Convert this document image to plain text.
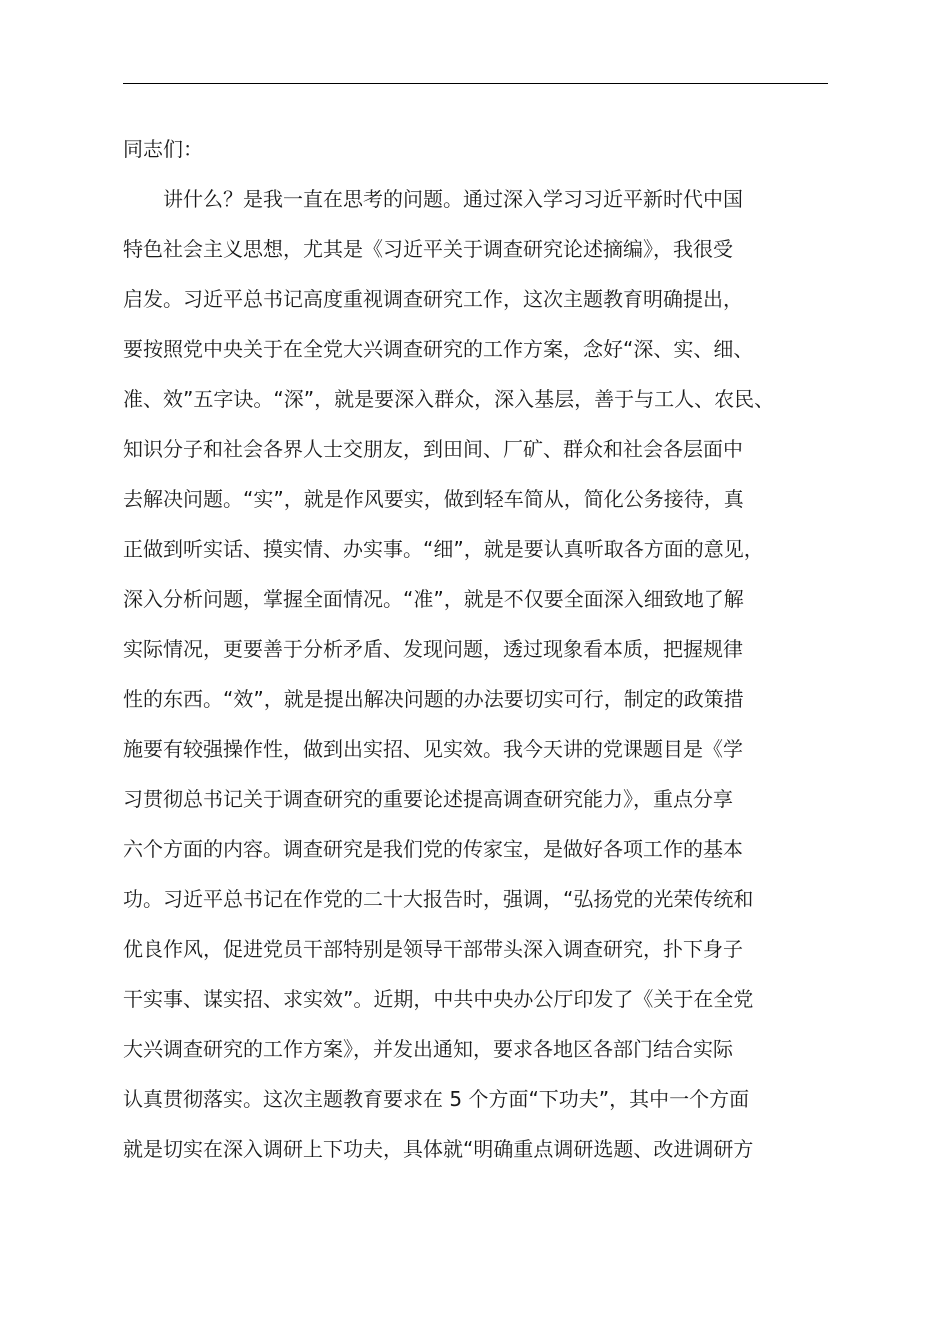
同志们：
讲什么？是我一直在思考的问题。通过深入学习习近平新时代中国
特色社会主义思想，尤其是《习近平关于调查研究论述摘编》，我很受
启发。习近平总书记高度重视调查研究工作，这次主题教育明确提出，
要按照党中央关于在全党大兴调查研究的工作方案，念好“深、实、细、
准、效”五字诀。“深”，就是要深入群众，深入基层，善于与工人、农民、
知识分子和社会各界人士交朋友，到田间、厂矿、群众和社会各层面中
去解决问题。“实”，就是作风要实，做到轻车简从，简化公务接待，真
正做到听实话、摸实情、办实事。“细”，就是要认真听取各方面的意见，
深入分析问题，掌握全面情况。“准”，就是不仅要全面深入细致地了解
实际情况，更要善于分析矛盾、发现问题，透过现象看本质，把握规律
性的东西。“效”，就是提出解决问题的办法要切实可行，制定的政策措
施要有较强操作性，做到出实招、见实效。我今天讲的党课题目是《学
习贯彻总书记关于调查研究的重要论述提高调查研究能力》，重点分享
六个方面的内容。调查研究是我们党的传家宝，是做好各项工作的基本
功。习近平总书记在作党的二十大报告时，强调，“弘扬党的光荣传统和
优良作风，促进党员干部特别是领导干部带头深入调查研究，扑下身子
干实事、谋实招、求实效”。近期，中共中央办公厅印发了《关于在全党
大兴调查研究的工作方案》，并发出通知，要求各地区各部门结合实际
认真贯彻落实。这次主题教育要求在 5 个方面“下功夫”，其中一个方面
就是切实在深入调研上下功夫，具体就“明确重点调研选题、改进调研方
